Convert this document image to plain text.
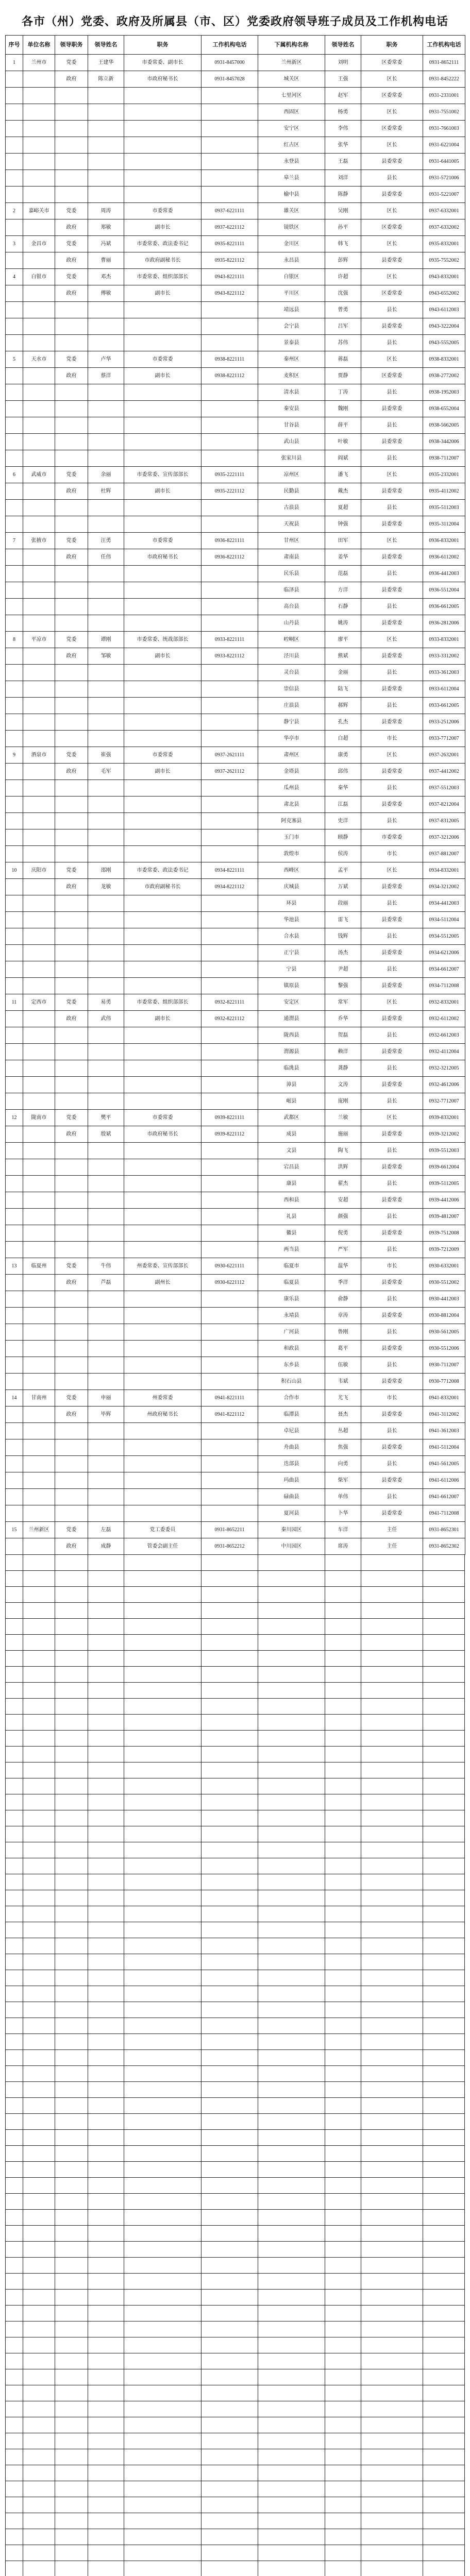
各市（州）党委、政府及所属县（市、区）党委政府领导班子成员及工作机构电话
序号	单位名称	领导职务	领导姓名	职务	工作机构电话	下属机构名称	领导姓名	职务	工作机构电话
1	兰州市	党委	王建华	市委常委、副市长	0931-8457000	兰州新区	刘明	区委常委	0931-8652111
		政府	陈立新	市政府秘书长	0931-8457028	城关区	王强	区长	0931-8452222
						七里河区	赵军	区委常委	0931-2331001
						西固区	杨勇	区长	0931-7551002
						安宁区	李伟	区委常委	0931-7661003
						红古区	张华	区长	0931-6221004
						永登县	王磊	县委常委	0931-6441005
						皋兰县	刘洋	县长	0931-5721006
						榆中县	陈静	县委常委	0931-5221007
2	嘉峪关市	党委	周涛	市委常委	0937-6221111	雄关区	吴刚	区长	0937-6332001
		政府	郑敏	副市长	0937-6221112	镜铁区	孙平	区委常委	0937-6332002
3	金昌市	党委	冯斌	市委常委、政法委书记	0935-8221111	金川区	韩飞	区长	0935-8332001
		政府	曹丽	市政府副秘书长	0935-8221112	永昌县	彭辉	县委常委	0935-7552002
4	白银市	党委	邓杰	市委常委、组织部部长	0943-8221111	白银区	许超	区长	0943-8332001
		政府	傅敏	副市长	0943-8221112	平川区	沈强	区委常委	0943-6552002
						靖远县	曾勇	县长	0943-6112003
						会宁县	吕军	县委常委	0943-3222004
						景泰县	苏伟	县长	0943-5552005
5	天水市	党委	卢华	市委常委	0938-8221111	秦州区	蒋磊	区长	0938-8332001
		政府	蔡洋	副市长	0938-8221112	麦积区	贾静	区委常委	0938-2772002
						清水县	丁涛	县长	0938-1952003
						秦安县	魏刚	县委常委	0938-6552004
						甘谷县	薛平	县长	0938-5662005
						武山县	叶敏	县委常委	0938-3442006
						张家川县	阎斌	县长	0938-7112007
6	武威市	党委	余丽	市委常委、宣传部部长	0935-2221111	凉州区	潘飞	区长	0935-2332001
		政府	杜辉	副市长	0935-2221112	民勤县	戴杰	县委常委	0935-4112002
						古浪县	夏超	县长	0935-5112003
						天祝县	钟强	县委常委	0935-3112004
7	张掖市	党委	汪勇	市委常委	0936-8221111	甘州区	田军	区长	0936-8332001
		政府	任伟	市政府秘书长	0936-8221112	肃南县	姜华	县委常委	0936-6112002
						民乐县	范磊	县长	0936-4412003
						临泽县	方洋	县委常委	0936-5512004
						高台县	石静	县长	0936-6612005
						山丹县	姚涛	县委常委	0936-2812006
8	平凉市	党委	谭刚	市委常委、统战部部长	0933-8221111	崆峒区	廖平	区长	0933-8332001
		政府	邹敏	副市长	0933-8221112	泾川县	熊斌	县委常委	0933-3312002
						灵台县	金丽	县长	0933-3612003
						崇信县	陆飞	县委常委	0933-6112004
						庄浪县	郝辉	县长	0933-6612005
						静宁县	孔杰	县委常委	0933-2512006
						华亭市	白超	市长	0933-7712007
9	酒泉市	党委	崔强	市委常委	0937-2621111	肃州区	康勇	区长	0937-2632001
		政府	毛军	副市长	0937-2621112	金塔县	邱伟	县委常委	0937-4412002
						瓜州县	秦华	县长	0937-5512003
						肃北县	江磊	县委常委	0937-8212004
						阿克塞县	史洋	县长	0937-8312005
						玉门市	顾静	市委常委	0937-3212006
						敦煌市	侯涛	市长	0937-8812007
10	庆阳市	党委	邵刚	市委常委、政法委书记	0934-8221111	西峰区	孟平	区长	0934-8332001
		政府	龙敏	市政府副秘书长	0934-8221112	庆城县	万斌	县委常委	0934-3212002
						环县	段丽	县长	0934-4412003
						华池县	雷飞	县委常委	0934-5112004
						合水县	钱辉	县长	0934-5512005
						正宁县	汤杰	县委常委	0934-6212006
						宁县	尹超	县长	0934-6612007
						镇原县	黎强	县委常委	0934-7112008
11	定西市	党委	易勇	市委常委、组织部部长	0932-8221111	安定区	常军	区长	0932-8332001
		政府	武伟	副市长	0932-8221112	通渭县	乔华	县委常委	0932-6112002
						陇西县	贺磊	县长	0932-6612003
						渭源县	赖洋	县委常委	0932-4112004
						临洮县	龚静	县长	0932-3212005
						漳县	文涛	县委常委	0932-4612006
						岷县	庞刚	县长	0932-7712007
12	陇南市	党委	樊平	市委常委	0939-8221111	武都区	兰敏	区长	0939-8332001
		政府	殷斌	市政府秘书长	0939-8221112	成县	施丽	县委常委	0939-3212002
						文县	陶飞	县长	0939-5512003
						宕昌县	洪辉	县委常委	0939-6612004
						康县	翟杰	县长	0939-5112005
						西和县	安超	县委常委	0939-4412006
						礼县	颜强	县长	0939-4812007
						徽县	倪勇	县委常委	0939-7512008
						两当县	严军	县长	0939-7212009
13	临夏州	党委	牛伟	州委常委、宣传部部长	0930-6221111	临夏市	温华	市长	0930-6332001
		政府	芦磊	副州长	0930-6221112	临夏县	季洋	县委常委	0930-5512002
						康乐县	俞静	县长	0930-4412003
						永靖县	章涛	县委常委	0930-8812004
						广河县	鲁刚	县长	0930-5612005
						和政县	葛平	县委常委	0930-5512006
						东乡县	伍敏	县长	0930-7112007
						积石山县	韦斌	县委常委	0930-7712008
14	甘南州	党委	申丽	州委常委	0941-8221111	合作市	尤飞	市长	0941-8332001
		政府	毕辉	州政府秘书长	0941-8221112	临潭县	聂杰	县委常委	0941-3112002
						卓尼县	丛超	县长	0941-3612003
						舟曲县	焦强	县委常委	0941-5112004
						迭部县	向勇	县长	0941-5612005
						玛曲县	柴军	县委常委	0941-6112006
						碌曲县	单伟	县长	0941-6612007
						夏河县	卜华	县委常委	0941-7112008
15	兰州新区	党委	左磊	党工委委员	0931-8652211	秦川园区	车洋	主任	0931-8652301
		政府	成静	管委会副主任	0931-8652212	中川园区	席涛	主任	0931-8652302
